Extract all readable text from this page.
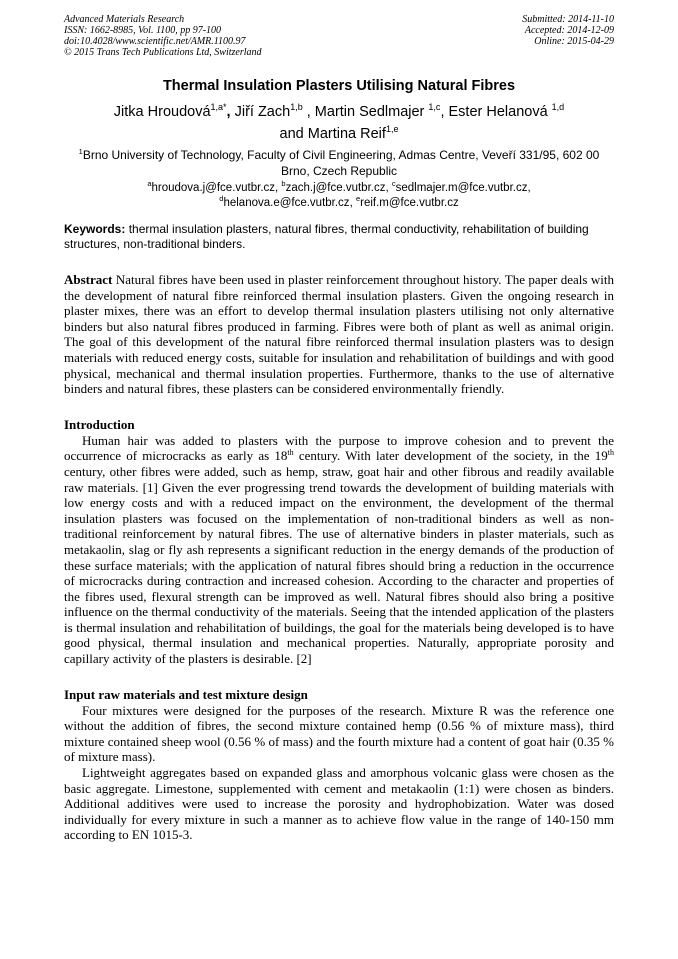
Advanced Materials Research
ISSN: 1662-8985, Vol. 1100, pp 97-100
doi:10.4028/www.scientific.net/AMR.1100.97
© 2015 Trans Tech Publications Ltd, Switzerland
Submitted: 2014-11-10
Accepted: 2014-12-09
Online: 2015-04-29
Thermal Insulation Plasters Utilising Natural Fibres
Jitka Hroudová$^{1,a*}$, Jiří Zach$^{1,b}$ , Martin Sedlmajer $^{1,c}$, Ester Helanová $^{1,d}$
and Martina Reif$^{1,e}$
$^1$Brno University of Technology, Faculty of Civil Engineering, Admas Centre, Veveří 331/95, 602 00
Brno, Czech Republic
$^a$hroudova.j@fce.vutbr.cz, $^b$zach.j@fce.vutbr.cz, $^c$sedlmajer.m@fce.vutbr.cz,
$^d$helanova.e@fce.vutbr.cz, $^e$reif.m@fce.vutbr.cz
Keywords: thermal insulation plasters, natural fibres, thermal conductivity, rehabilitation of building structures, non-traditional binders.
Abstract Natural fibres have been used in plaster reinforcement throughout history. The paper deals with the development of natural fibre reinforced thermal insulation plasters. Given the ongoing research in plaster mixes, there was an effort to develop thermal insulation plasters utilising not only alternative binders but also natural fibres produced in farming. Fibres were both of plant as well as animal origin. The goal of this development of the natural fibre reinforced thermal insulation plasters was to design materials with reduced energy costs, suitable for insulation and rehabilitation of buildings and with good physical, mechanical and thermal insulation properties. Furthermore, thanks to the use of alternative binders and natural fibres, these plasters can be considered environmentally friendly.
Introduction

Human hair was added to plasters with the purpose to improve cohesion and to prevent the occurrence of microcracks as early as 18th century. With later development of the society, in the 19th century, other fibres were added, such as hemp, straw, goat hair and other fibrous and readily available raw materials. [1] Given the ever progressing trend towards the development of building materials with low energy costs and with a reduced impact on the environment, the development of the thermal insulation plasters was focused on the implementation of non-traditional binders as well as non-traditional reinforcement by natural fibres. The use of alternative binders in plaster materials, such as metakaolin, slag or fly ash represents a significant reduction in the energy demands of the production of these surface materials; with the application of natural fibres should bring a reduction in the occurrence of microcracks during contraction and increased cohesion. According to the character and properties of the fibres used, flexural strength can be improved as well. Natural fibres should also bring a positive influence on the thermal conductivity of the materials. Seeing that the intended application of the plasters is thermal insulation and rehabilitation of buildings, the goal for the materials being developed is to have good physical, thermal insulation and mechanical properties. Naturally, appropriate porosity and capillary activity of the plasters is desirable. [2]

Input raw materials and test mixture design

Four mixtures were designed for the purposes of the research. Mixture R was the reference one without the addition of fibres, the second mixture contained hemp (0.56 % of mixture mass), third mixture contained sheep wool (0.56 % of mass) and the fourth mixture had a content of goat hair (0.35 % of mixture mass).

Lightweight aggregates based on expanded glass and amorphous volcanic glass were chosen as the basic aggregate. Limestone, supplemented with cement and metakaolin (1:1) were chosen as binders. Additional additives were used to increase the porosity and hydrophobization. Water was dosed individually for every mixture in such a manner as to achieve flow value in the range of 140-150 mm according to EN 1015-3.
